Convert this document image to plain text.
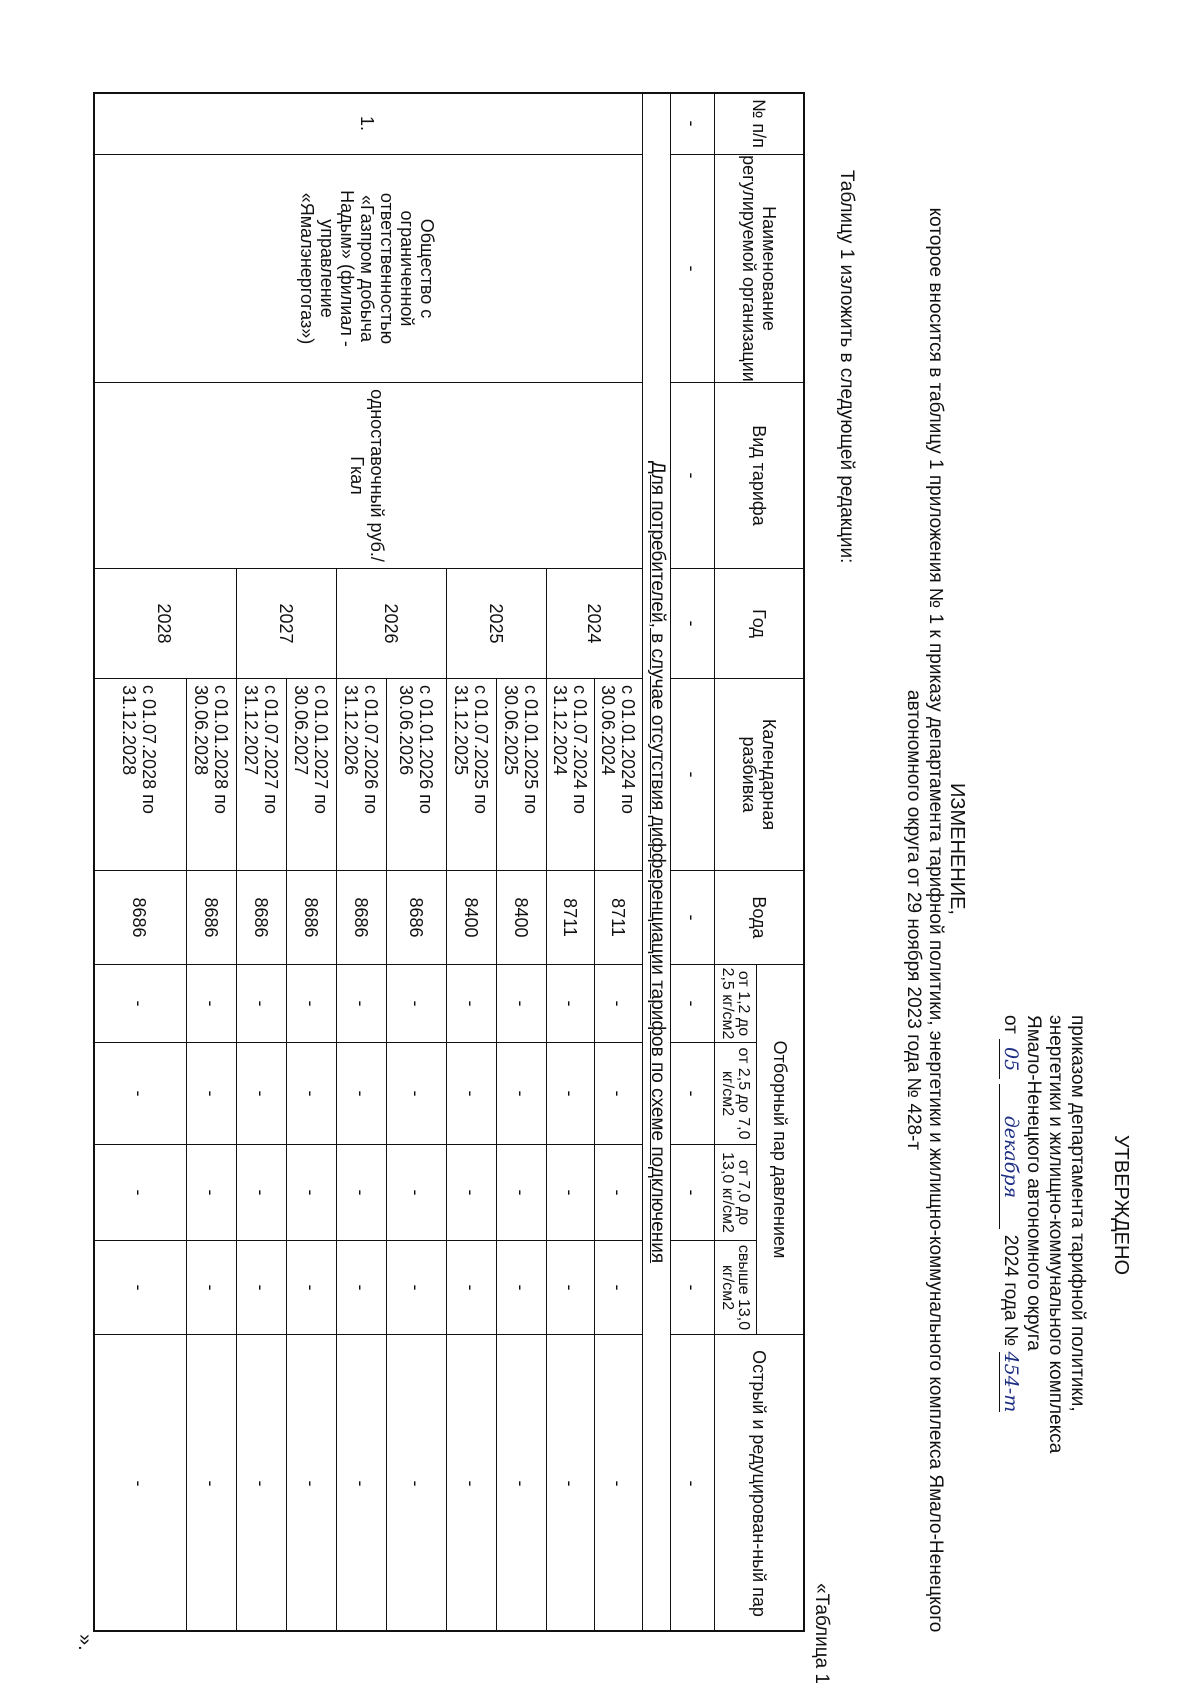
УТВЕРЖДЕНО
приказом департамента тарифной политики,
энергетики и жилищно-коммунального комплекса
Ямало-Ненецкого автономного округа
от 05 декабря 2024 года № 454-т
ИЗМЕНЕНИЕ,
которое вносится в таблицу 1 приложения № 1 к приказу департамента тарифной политики, энергетики и жилищно-коммунального комплекса Ямало-Ненецкого автономного округа от 29 ноября 2023 года № 428-т
Таблицу 1 изложить в следующей редакции:
«Таблица 1
№ п/п
Наименование регулируемой организации
Вид тарифа
Год
Календарная разбивка
Вода
Отборный пар давлением
от 1,2 до 2,5 кг/см2
от 2,5 до 7,0 кг/см2
от 7,0 до 13,0 кг/см2
свыше 13,0 кг/см2
Острый и редуцирован-ный пар
-
-
-
-
-
-
-
-
-
-
-
Для потребителей, в случае отсутствия дифференциации тарифов по схеме подключения
1.
Общество с ограниченной ответственностью «Газпром добыча Надым» (филиал - управление «Ямалэнергогаз»)
одноставочный руб./Гкал
2024
с 01.01.2024 по 30.06.2024
8711
-
-
-
-
-
с 01.07.2024 по 31.12.2024
8711
-
-
-
-
-
2025
с 01.01.2025 по 30.06.2025
8400
-
-
-
-
-
с 01.07.2025 по 31.12.2025
8400
-
-
-
-
-
2026
с 01.01.2026 по 30.06.2026
8686
-
-
-
-
-
с 01.07.2026 по 31.12.2026
8686
-
-
-
-
-
2027
с 01.01.2027 по 30.06.2027
8686
-
-
-
-
-
с 01.07.2027 по 31.12.2027
8686
-
-
-
-
-
2028
с 01.01.2028 по 30.06.2028
8686
-
-
-
-
-
с 01.07.2028 по 31.12.2028
8686
-
-
-
-
-
».
